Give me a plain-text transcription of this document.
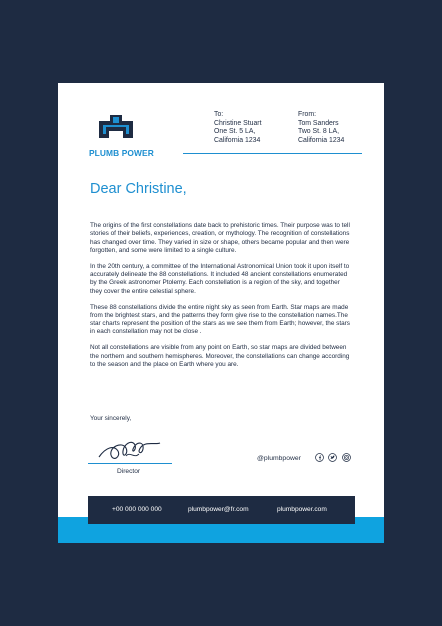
PLUMB POWER
To:
Christine Stuart
One St. 5 LA,
California 1234
From:
Tom Sanders
Two St. 8 LA,
California 1234
Dear Christine,

The origins of the first constellations date back to prehistoric times. Their purpose was to tell stories of their beliefs, experiences, creation, or mythology. The recognition of constellations has changed over time. They varied in size or shape, others became popular and then were forgotten, and some were limited to a single culture.

In the 20th century, a committee of the International Astronomical Union took it upon itself to accurately delineate the 88 constellations. It included 48 ancient constellations enumerated by the Greek astronomer Ptolemy. Each constellation is a region of the sky, and together they cover the entire celestial sphere.

These 88 constellations divide the entire night sky as seen from Earth. Star maps are made from the brightest stars, and the patterns they form give rise to the constellation names.The star charts represent the position of the stars as we see them from Earth; however, the stars in each constellation may not be close .

Not all constellations are visible from any point on Earth, so star maps are divided between the northern and southern hemispheres. Moreover, the constellations can change according to the season and the place on Earth where you are.

Your sincerely,
Director
@plumbpower
+00 000 000 000	plumbpower@fr.com	plumbpower.com
